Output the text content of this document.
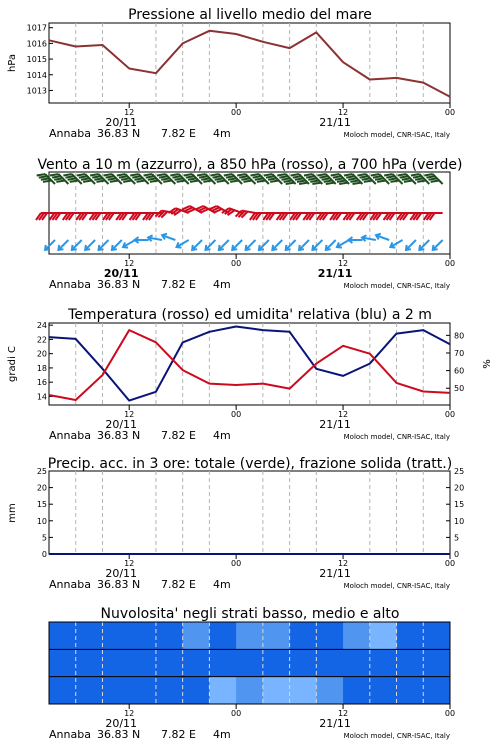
Pressione al livello medio del mare
1013
1014
1015
1016
1017
hPa
12	00	12	00
20/11	21/11
Annaba 36.83 N 7.82 E 4m	Moloch model, CNR-ISAC, Italy
Vento a 10 m (azzurro), a 850 hPa (rosso), a 700 hPa (verde)
12	00	12	00
20/11	21/11
Annaba 36.83 N 7.82 E 4m	Moloch model, CNR-ISAC, Italy
Temperatura (rosso) ed umidita' relativa (blu) a 2 m
14
16
18
20
22
24
50
60
70
80
gradi C	%
12	00	12	00
20/11	21/11
Annaba 36.83 N 7.82 E 4m	Moloch model, CNR-ISAC, Italy
Precip. acc. in 3 ore: totale (verde), frazione solida (tratt.)
0
5
10
15
20
25
0
5
10
15
20
25
mm
12	00	12	00
20/11	21/11
Annaba 36.83 N 7.82 E 4m	Moloch model, CNR-ISAC, Italy
Nuvolosita' negli strati basso, medio e alto
12	00	12	00
20/11	21/11
Annaba 36.83 N 7.82 E 4m	Moloch model, CNR-ISAC, Italy
